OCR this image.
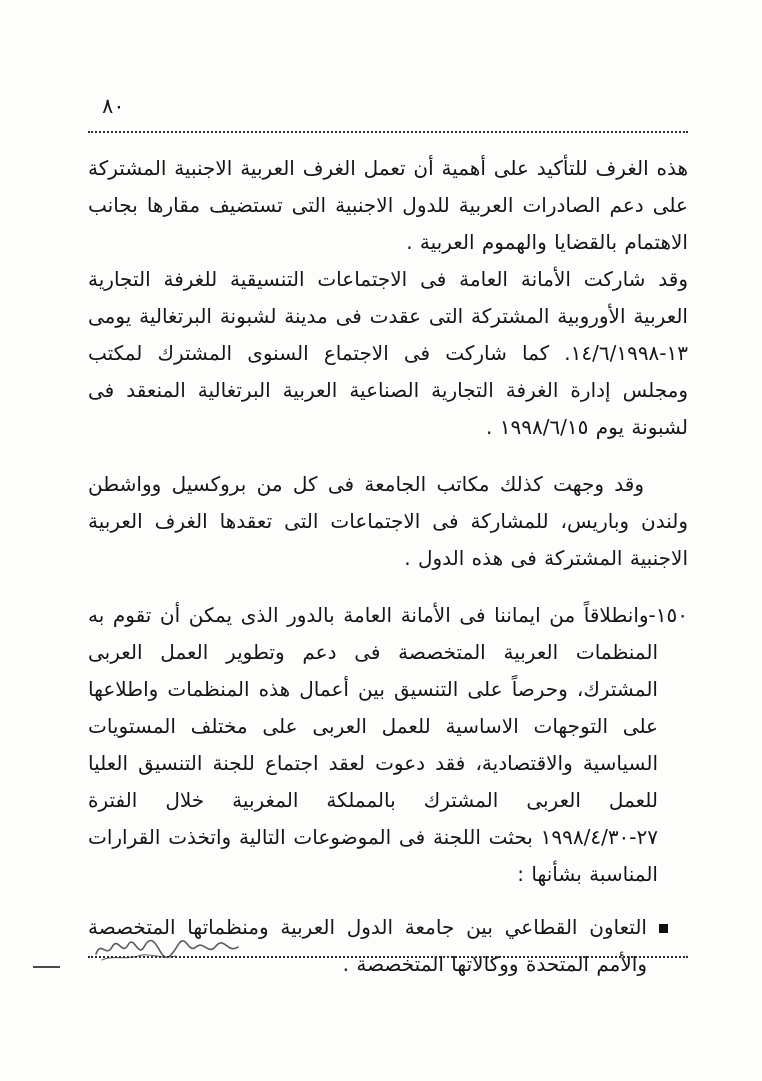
٨٠

هذه الغرف للتأكيد على أهمية أن تعمل الغرف العربية الاجنبية المشتركة على دعم الصادرات العربية للدول الاجنبية التى تستضيف مقارها بجانب الاهتمام بالقضايا والهموم العربية .

وقد شاركت الأمانة العامة فى الاجتماعات التنسيقية للغرفة التجارية العربية الأوروبية المشتركة التى عقدت فى مدينة لشبونة البرتغالية يومى ١٣-١٤/٦/١٩٩٨. كما شاركت فى الاجتماع السنوى المشترك لمكتب ومجلس إدارة الغرفة التجارية الصناعية العربية البرتغالية المنعقد فى لشبونة يوم ١٩٩٨/٦/١٥ .

وقد وجهت كذلك مكاتب الجامعة فى كل من بروكسيل وواشطن ولندن وباريس، للمشاركة فى الاجتماعات التى تعقدها الغرف العربية الاجنبية المشتركة فى هذه الدول .

١٥٠-وانطلاقاً من ايماننا فى الأمانة العامة بالدور الذى يمكن أن تقوم به المنظمات العربية المتخصصة فى دعم وتطوير العمل العربى المشترك، وحرصاً على التنسيق بين أعمال هذه المنظمات واطلاعها على التوجهات الاساسية للعمل العربى على مختلف المستويات السياسية والاقتصادية، فقد دعوت لعقد اجتماع للجنة التنسيق العليا للعمل العربى المشترك بالمملكة المغربية خلال الفترة ٢٧-١٩٩٨/٤/٣٠ بحثت اللجنة فى الموضوعات التالية واتخذت القرارات المناسبة بشأنها :

التعاون القطاعي بين جامعة الدول العربية ومنظماتها المتخصصة والأمم المتحدة ووكالاتها المتخصصة .
